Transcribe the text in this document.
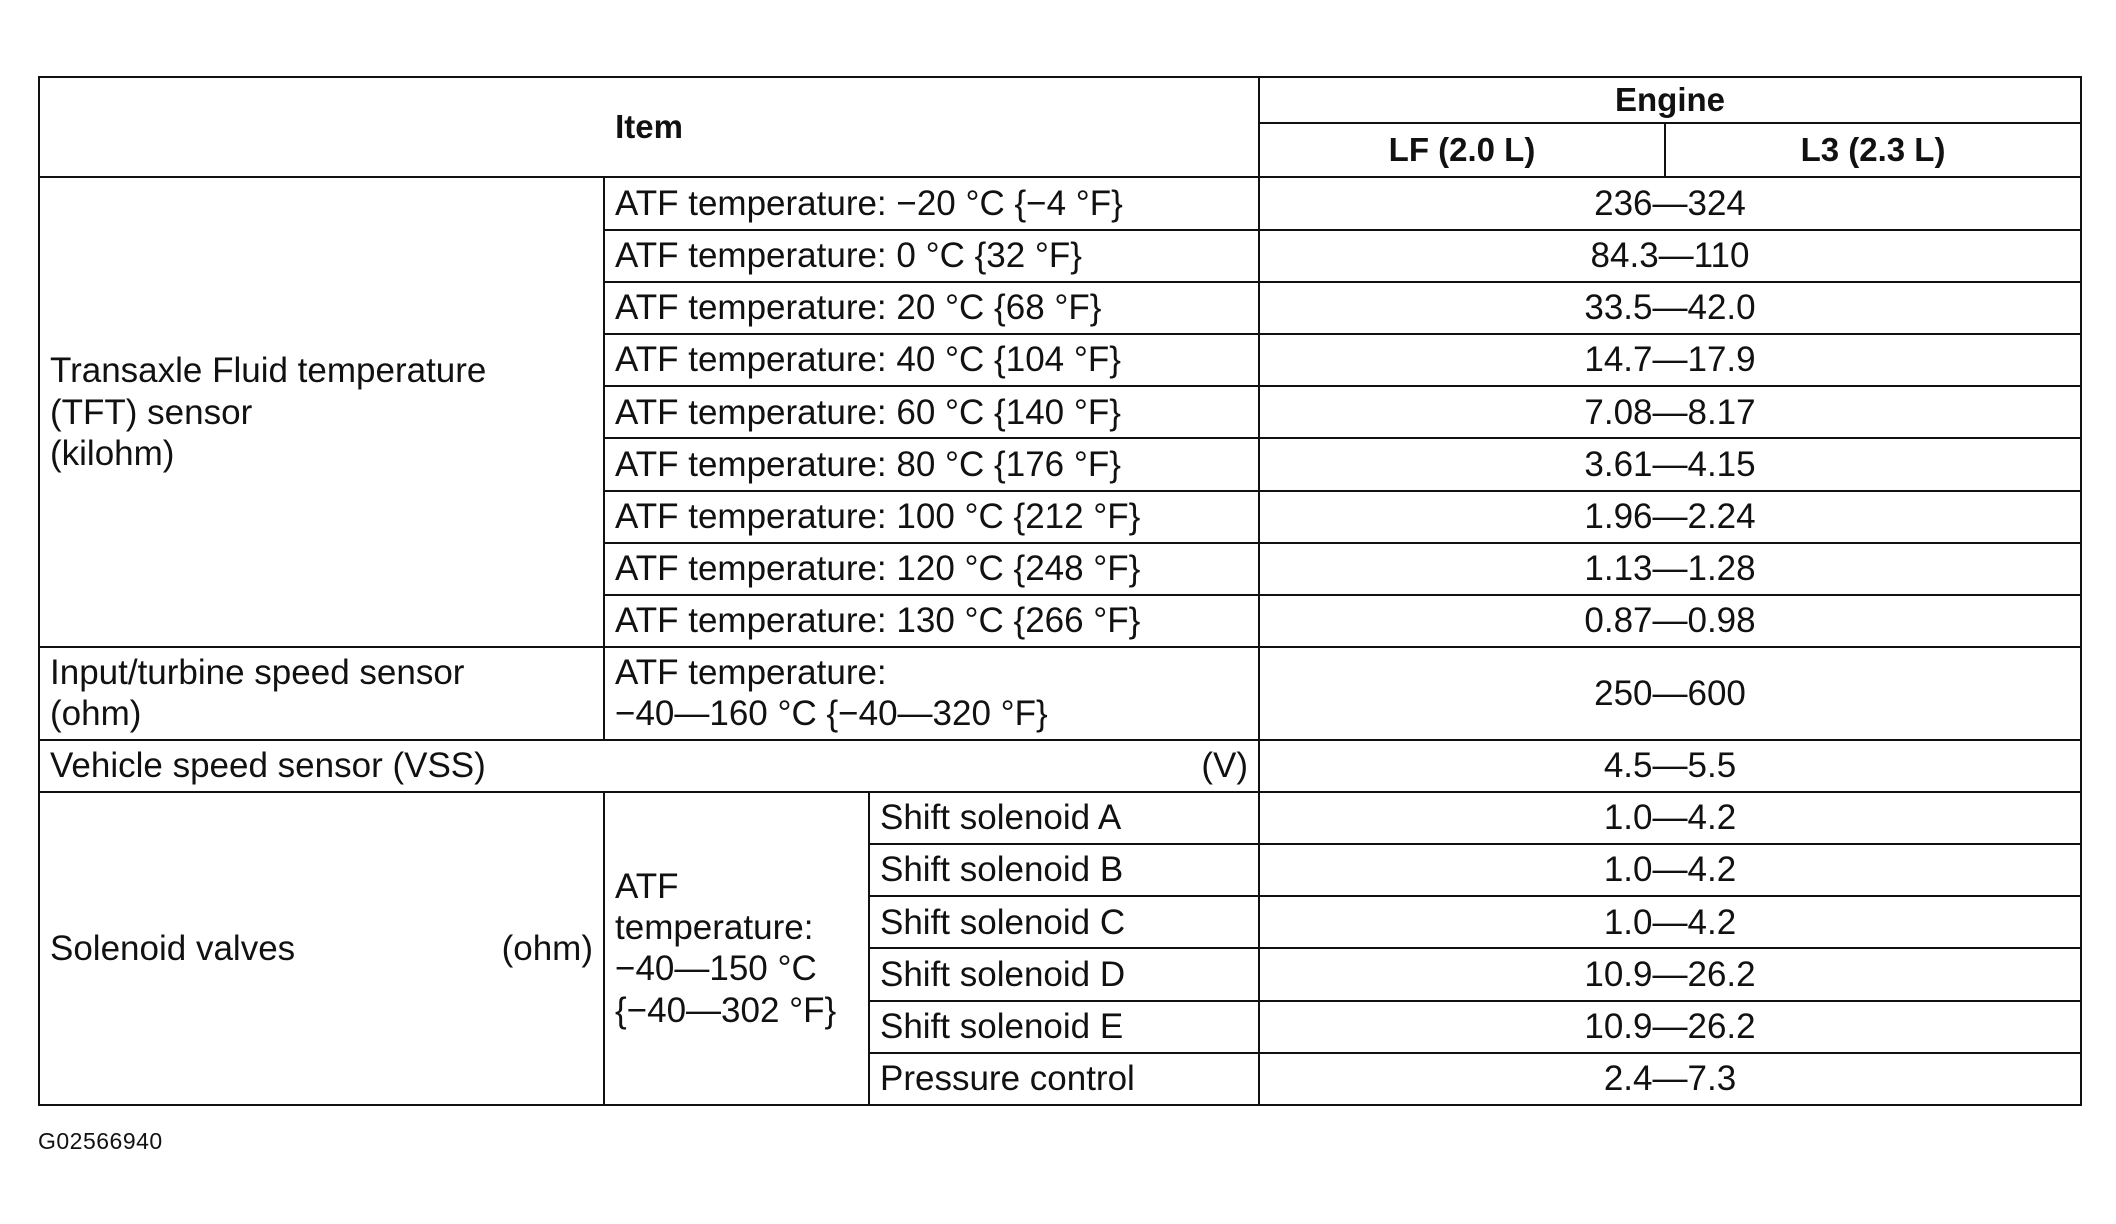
Item			Engine	
			LF (2.0 L)	L3 (2.3 L)

Transaxle Fluid temperature
(TFT) sensor
(kilohm)	ATF temperature: −20 °C {−4 °F}		236—324	
	ATF temperature: 0 °C {32 °F}		84.3—110	
	ATF temperature: 20 °C {68 °F}		33.5—42.0	
	ATF temperature: 40 °C {104 °F}		14.7—17.9	
	ATF temperature: 60 °C {140 °F}		7.08—8.17	
	ATF temperature: 80 °C {176 °F}		3.61—4.15	
	ATF temperature: 100 °C {212 °F}		1.96—2.24	
	ATF temperature: 120 °C {248 °F}		1.13—1.28	
	ATF temperature: 130 °C {266 °F}		0.87—0.98	

Input/turbine speed sensor
(ohm)	ATF temperature:
−40—160 °C {−40—320 °F}		250—600	

Vehicle speed sensor (VSS) (V)			4.5—5.5	

Solenoid valves (ohm)	ATF
temperature:
−40—150 °C
{−40—302 °F}	Shift solenoid A	1.0—4.2	
		Shift solenoid B	1.0—4.2	
		Shift solenoid C	1.0—4.2	
		Shift solenoid D	10.9—26.2	
		Shift solenoid E	10.9—26.2	
		Pressure control	2.4—7.3	
G02566940
